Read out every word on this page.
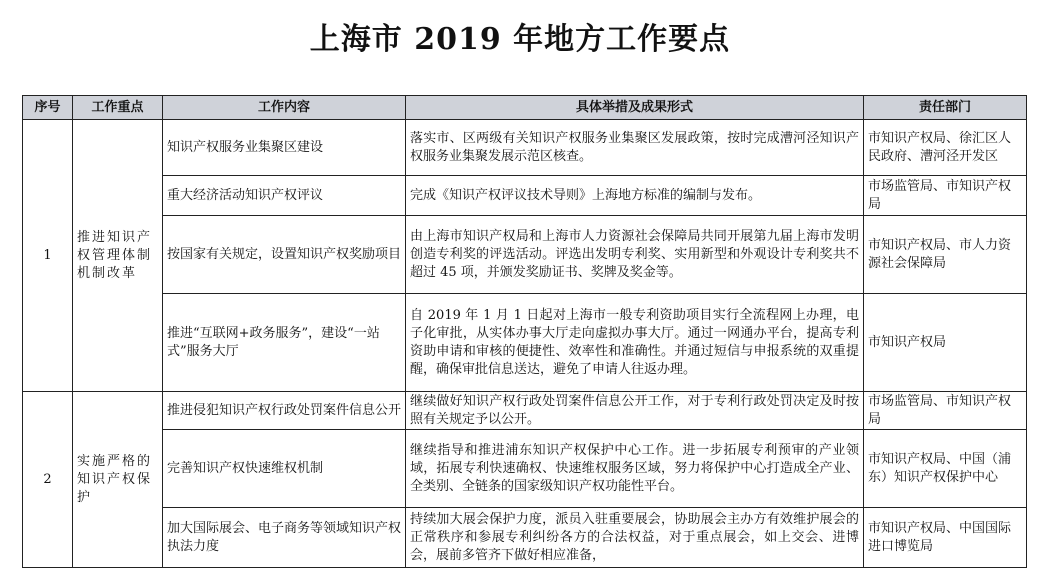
上海市 2019 年地方工作要点
序号	工作重点	工作内容	具体举措及成果形式	责任部门
1	推进知识产权管理体制机制改革	知识产权服务业集聚区建设	落实市、区两级有关知识产权服务业集聚区发展政策，按时完成漕河泾知识产权服务业集聚发展示范区核查。	市知识产权局、徐汇区人民政府、漕河泾开发区
		重大经济活动知识产权评议	完成《知识产权评议技术导则》上海地方标准的编制与发布。	市场监管局、市知识产权局
		按国家有关规定，设置知识产权奖励项目	由上海市知识产权局和上海市人力资源社会保障局共同开展第九届上海市发明创造专利奖的评选活动。评选出发明专利奖、实用新型和外观设计专利奖共不超过 45 项，并颁发奖励证书、奖牌及奖金等。	市知识产权局、市人力资源社会保障局
		推进“互联网+政务服务”，建设“一站式”服务大厅	自 2019 年 1 月 1 日起对上海市一般专利资助项目实行全流程网上办理，电子化审批，从实体办事大厅走向虚拟办事大厅。通过一网通办平台，提高专利资助申请和审核的便捷性、效率性和准确性。并通过短信与申报系统的双重提醒，确保审批信息送达，避免了申请人往返办理。	市知识产权局
2	实施严格的知识产权保护	推进侵犯知识产权行政处罚案件信息公开	继续做好知识产权行政处罚案件信息公开工作，对于专利行政处罚决定及时按照有关规定予以公开。	市场监管局、市知识产权局
		完善知识产权快速维权机制	继续指导和推进浦东知识产权保护中心工作。进一步拓展专利预审的产业领域，拓展专利快速确权、快速维权服务区域，努力将保护中心打造成全产业、全类别、全链条的国家级知识产权功能性平台。	市知识产权局、中国（浦东）知识产权保护中心
		加大国际展会、电子商务等领域知识产权执法力度	持续加大展会保护力度，派员入驻重要展会，协助展会主办方有效维护展会的正常秩序和参展专利纠纷各方的合法权益，对于重点展会，如上交会、进博会，展前多管齐下做好相应准备，	市知识产权局、中国国际进口博览局
